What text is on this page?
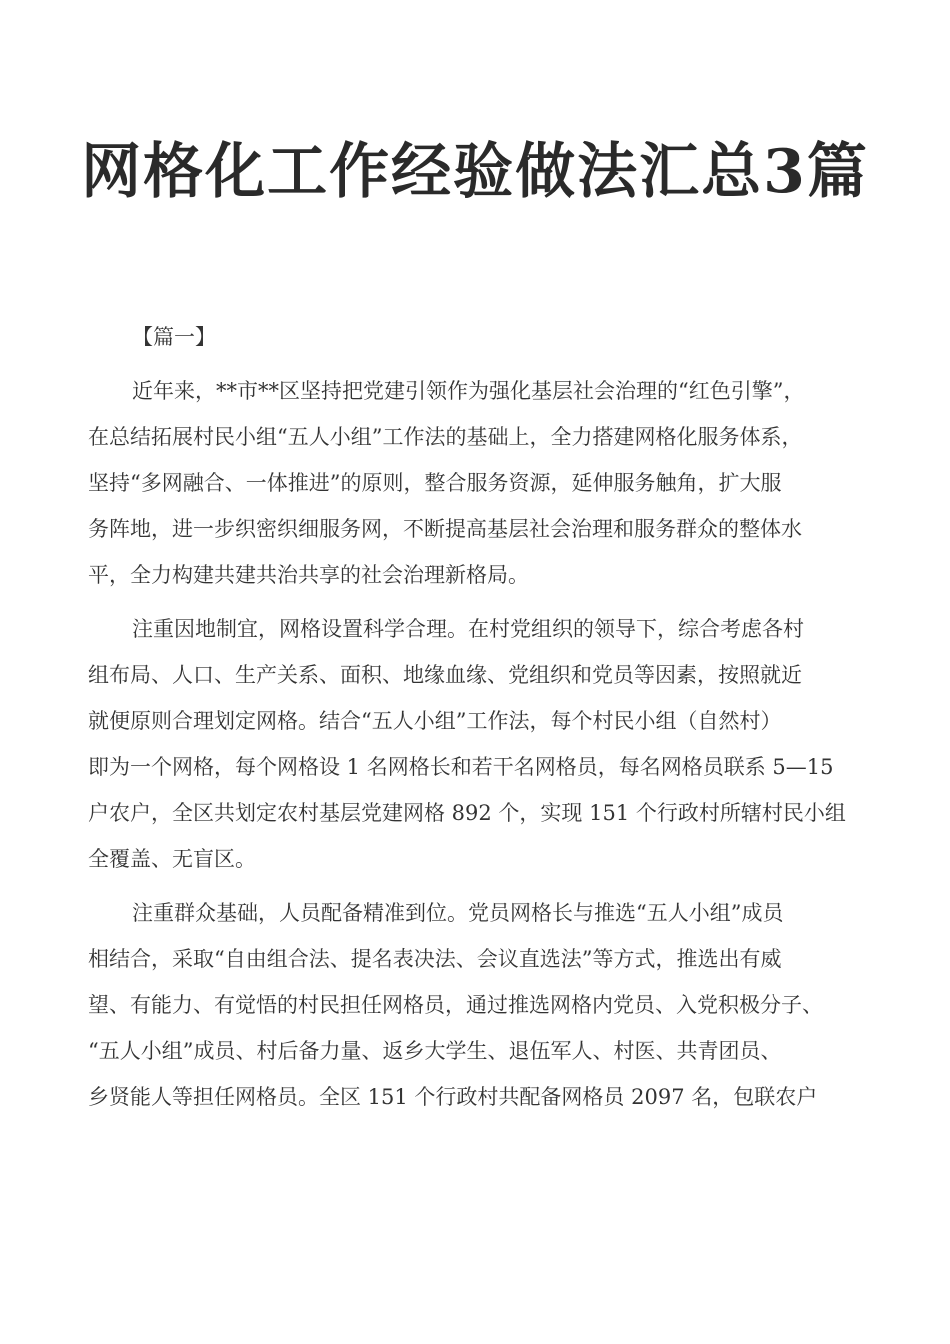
网格化工作经验做法汇总3篇
【篇一】
近年来，**市**区坚持把党建引领作为强化基层社会治理的“红色引擎”，
在总结拓展村民小组“五人小组”工作法的基础上，全力搭建网格化服务体系，
坚持“多网融合、一体推进”的原则，整合服务资源，延伸服务触角，扩大服
务阵地，进一步织密织细服务网，不断提高基层社会治理和服务群众的整体水
平，全力构建共建共治共享的社会治理新格局。
注重因地制宜，网格设置科学合理。在村党组织的领导下，综合考虑各村
组布局、人口、生产关系、面积、地缘血缘、党组织和党员等因素，按照就近
就便原则合理划定网格。结合“五人小组”工作法，每个村民小组（自然村）
即为一个网格，每个网格设 1 名网格长和若干名网格员，每名网格员联系 5—15
户农户，全区共划定农村基层党建网格 892 个，实现 151 个行政村所辖村民小组
全覆盖、无盲区。
注重群众基础，人员配备精准到位。党员网格长与推选“五人小组”成员
相结合，采取“自由组合法、提名表决法、会议直选法”等方式，推选出有威
望、有能力、有觉悟的村民担任网格员，通过推选网格内党员、入党积极分子、
“五人小组”成员、村后备力量、返乡大学生、退伍军人、村医、共青团员、
乡贤能人等担任网格员。全区 151 个行政村共配备网格员 2097 名，包联农户
